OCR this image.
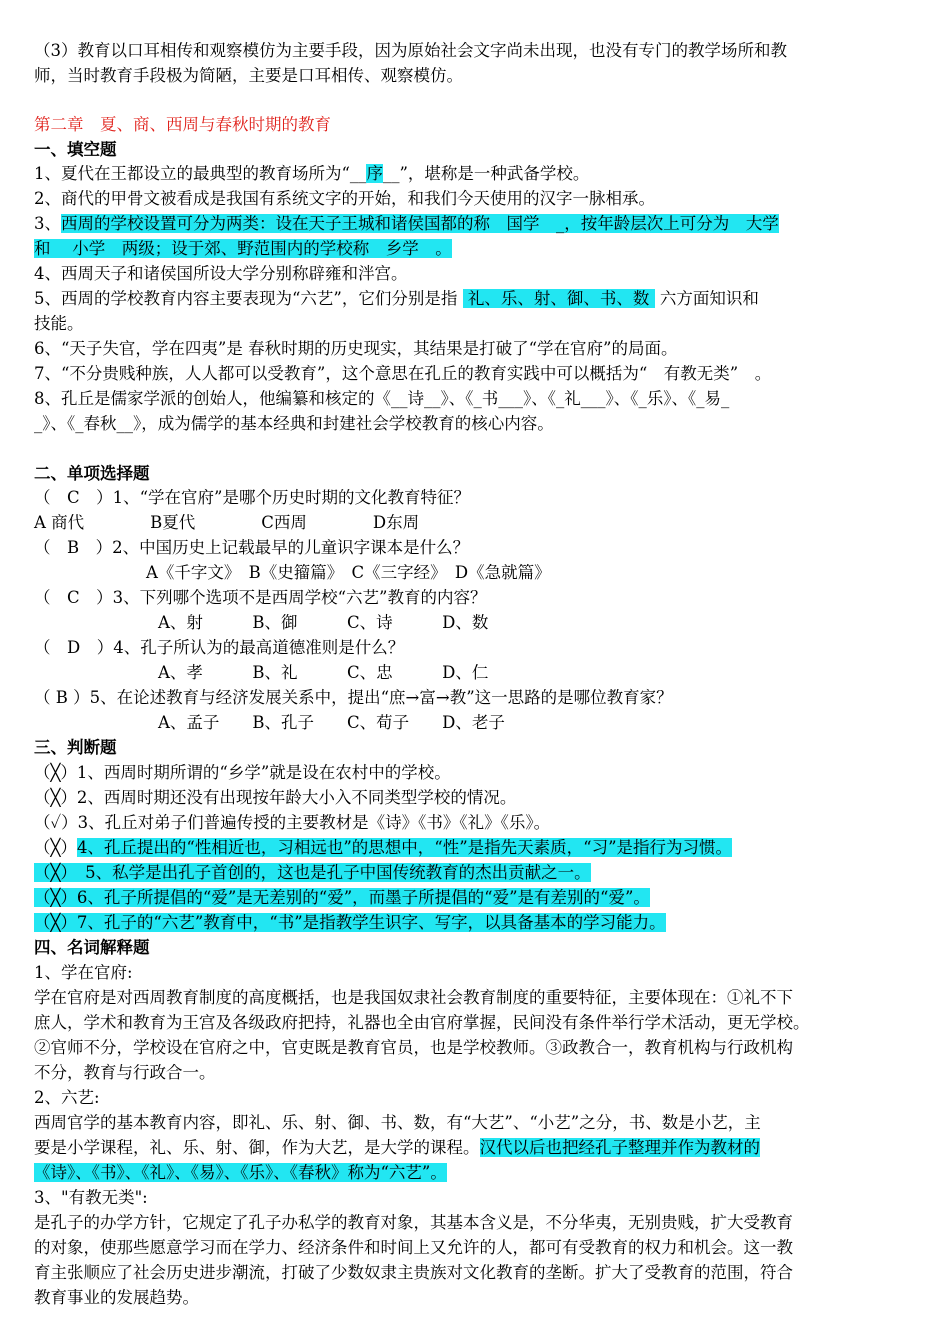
（3）教育以口耳相传和观察模仿为主要手段，因为原始社会文字尚未出现，也没有专门的教学场所和教
师，当时教育手段极为简陋，主要是口耳相传、观察模仿。
第二章　夏、商、西周与春秋时期的教育
一、填空题
1、夏代在王都设立的最典型的教育场所为“__序__”，堪称是一种武备学校。
2、商代的甲骨文被看成是我国有系统文字的开始，和我们今天使用的汉字一脉相承。
3、西周的学校设置可分为两类：设在天子王城和诸侯国都的称　国学　_，按年龄层次上可分为　大学
和　 小学　两级；设于郊、野范围内的学校称　乡学　。
4、西周天子和诸侯国所设大学分别称辟雍和泮宫。
5、西周的学校教育内容主要表现为“六艺”，它们分别是指  礼、乐、射、御、书、数  六方面知识和
技能。
6、“天子失官，学在四夷”是 春秋时期的历史现实，其结果是打破了“学在官府”的局面。
7、“不分贵贱种族，人人都可以受教育”，这个意思在孔丘的教育实践中可以概括为“　有教无类”　。
8、孔丘是儒家学派的创始人，他编纂和核定的《__诗__》、《_书___》、《_礼___》、《_乐》、《_易_
_》、《_春秋__》，成为儒学的基本经典和封建社会学校教育的核心内容。
二、单项选择题
（　C　）1、“学在官府”是哪个历史时期的文化教育特征？
A 商代　　　　B夏代　　　　C西周　　　　D东周
（　B　）2、中国历史上记载最早的儿童识字课本是什么？
A《千字文》　B《史籀篇》　C《三字经》　D《急就篇》
（　C　）3、下列哪个选项不是西周学校“六艺”教育的内容？
A、射　　　B、御　　　C、诗　　　D、数
（　D　）4、孔子所认为的最高道德准则是什么？
A、孝　　　B、礼　　　C、忠　　　D、仁
（ B ）5、在论述教育与经济发展关系中，提出“庶→富→教”这一思路的是哪位教育家？
A、孟子　　B、孔子　　C、荀子　　D、老子
三、判断题
（╳）1、西周时期所谓的“乡学”就是设在农村中的学校。
（╳）2、西周时期还没有出现按年龄大小入不同类型学校的情况。
（✓）3、孔丘对弟子们普遍传授的主要教材是《诗》《书》《礼》《乐》。
（╳）4、孔丘提出的“性相近也，习相远也”的思想中，“性”是指先天素质，“习”是指行为习惯。
（╳）　5、私学是出孔子首创的，这也是孔子中国传统教育的杰出贡献之一。
（╳）6、孔子所提倡的“爱”是无差别的“爱”，而墨子所提倡的“爱”是有差别的“爱”。
（╳）7、孔子的“六艺”教育中，“书”是指教学生识字、写字，以具备基本的学习能力。
四、名词解释题
1、学在官府:
学在官府是对西周教育制度的高度概括，也是我国奴隶社会教育制度的重要特征，主要体现在：①礼不下
庶人，学术和教育为王宫及各级政府把持，礼器也全由官府掌握，民间没有条件举行学术活动，更无学校。
②官师不分，学校设在官府之中，官吏既是教育官员，也是学校教师。③政教合一，教育机构与行政机构
不分，教育与行政合一。
2、六艺:
西周官学的基本教育内容，即礼、乐、射、御、书、数，有“大艺”、“小艺”之分，书、数是小艺，主
要是小学课程，礼、乐、射、御，作为大艺，是大学的课程。汉代以后也把经孔子整理并作为教材的
《诗》、《书》、《礼》、《易》、《乐》、《春秋》称为“六艺”。
3、"有教无类":
是孔子的办学方针，它规定了孔子办私学的教育对象，其基本含义是，不分华夷，无别贵贱，扩大受教育
的对象，使那些愿意学习而在学力、经济条件和时间上又允许的人，都可有受教育的权力和机会。这一教
育主张顺应了社会历史进步潮流，打破了少数奴隶主贵族对文化教育的垄断。扩大了受教育的范围，符合
教育事业的发展趋势。
